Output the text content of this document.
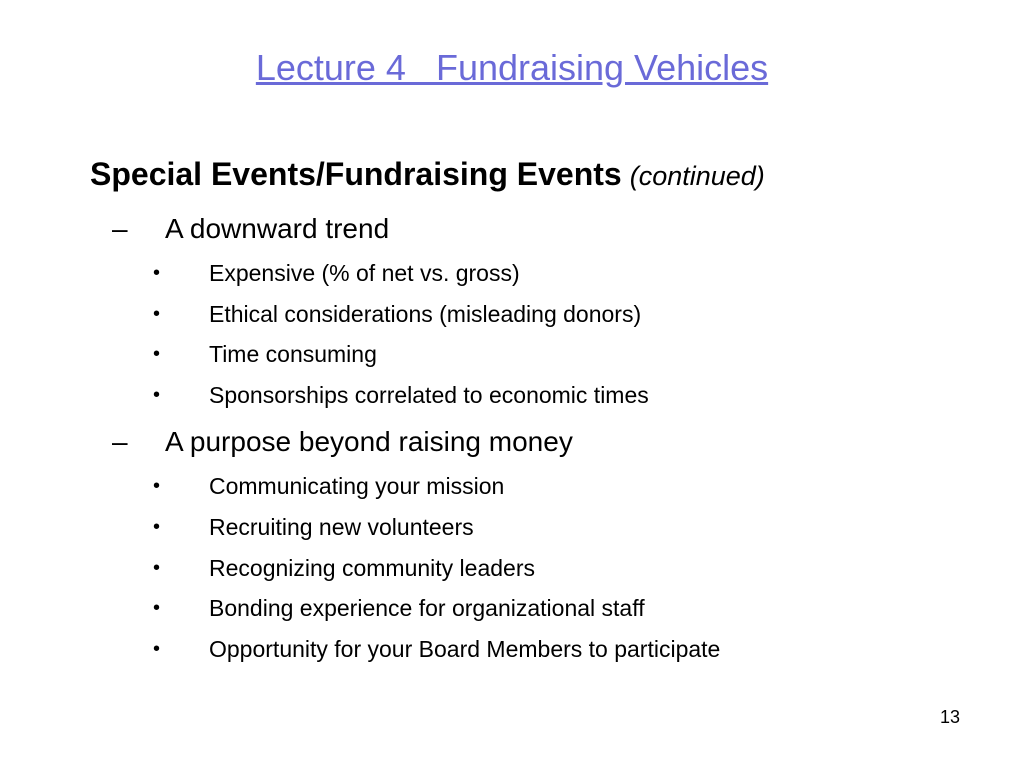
Lecture 4   Fundraising Vehicles
Special Events/Fundraising Events (continued)
– A downward trend
• Expensive (% of net vs. gross)
• Ethical considerations (misleading donors)
• Time consuming
• Sponsorships correlated to economic times
– A purpose beyond raising money
• Communicating your mission
• Recruiting new volunteers
• Recognizing community leaders
• Bonding experience for organizational staff
• Opportunity for your Board Members to participate
13
